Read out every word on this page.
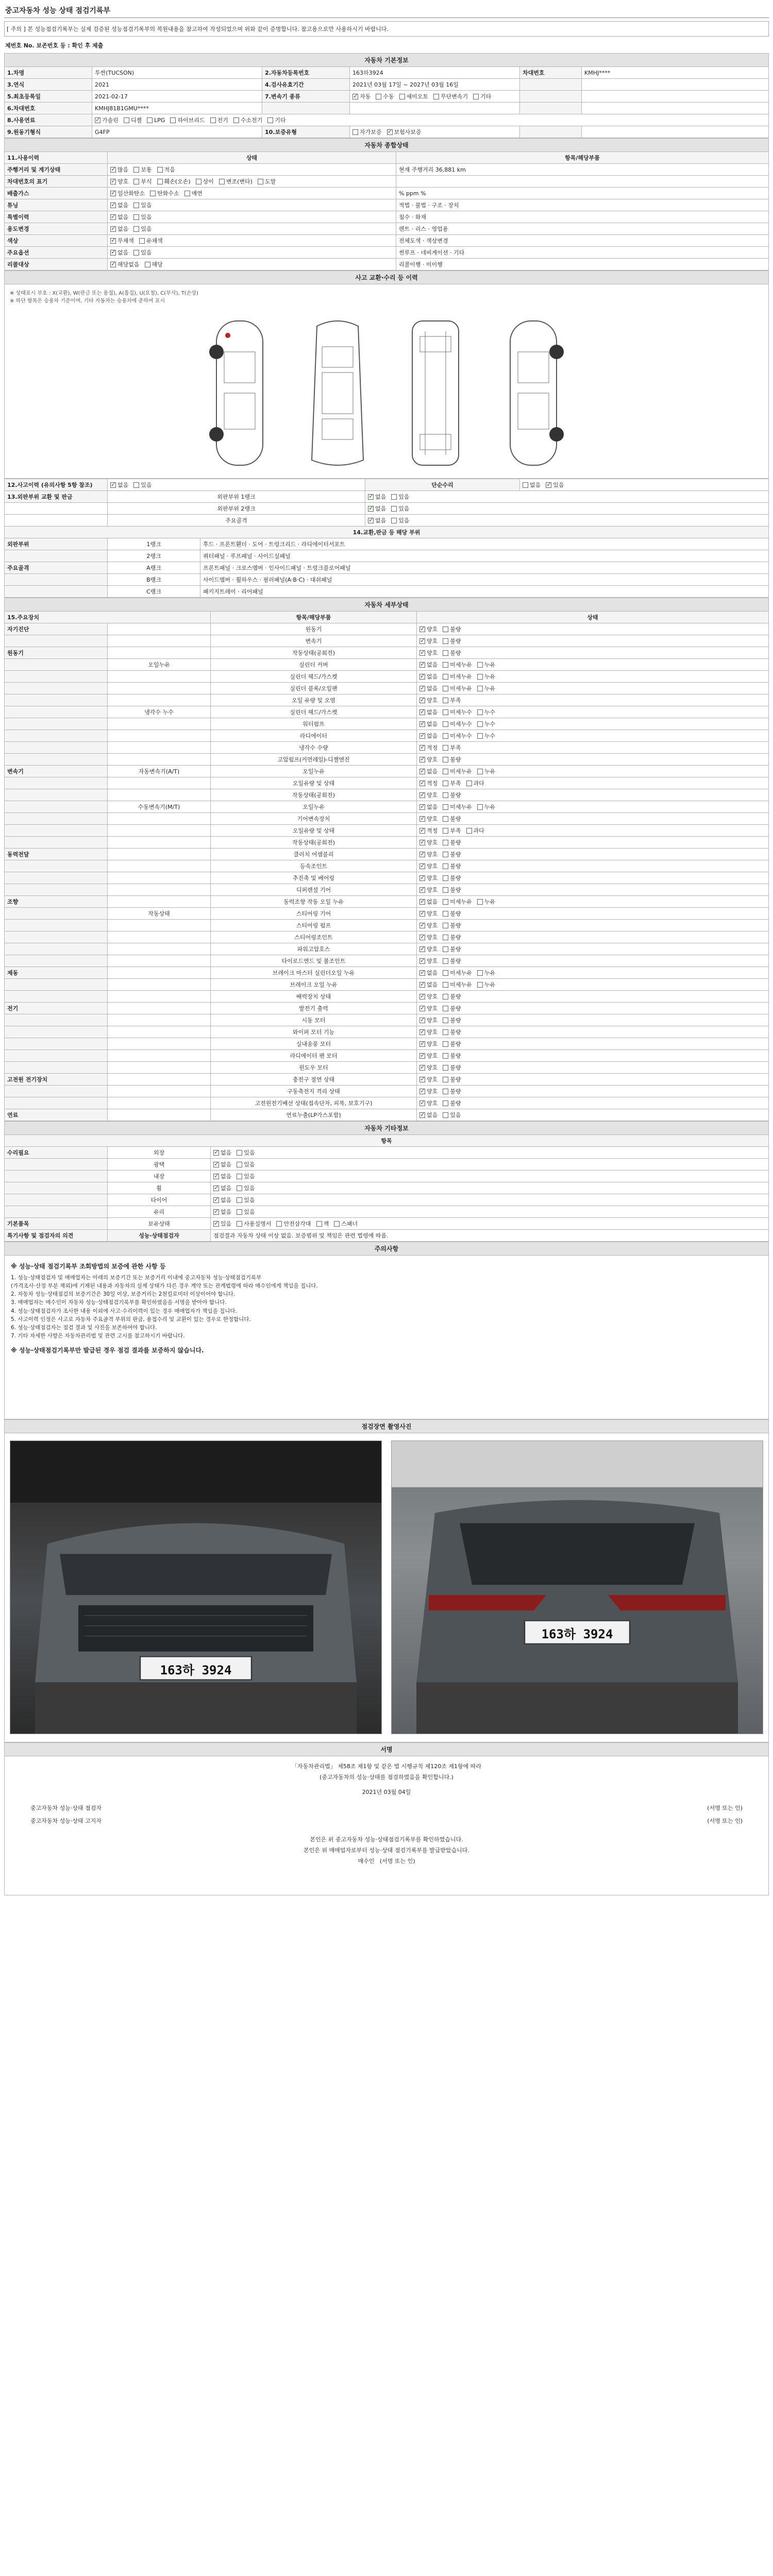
중고자동차 성능 상태 점검기록부
[ 주의 ] 본 성능점검기록부는 실제 검증된 성능점검기록부의 복원내용을 참고하여 작성되었으며 위와 같이 증명합니다. 참고용으로만 사용하시기 바랍니다.
제번호 No. 보존번호 등 : 확인 후 제출
자동차 기본정보					
1.차명	투싼(TUCSON)	2.자동차등록번호	163하3924	차대번호	KMHJ****
3.연식	2021	4.검사유효기간	2021년 03월 17일 ~ 2027년 03월 16일		
5.최초등록일	2021-02-17	7.변속기 종류	✓자동 수동 세미오토 무단변속기 기타		
6.차대번호	KMHJ81B1GMU****				
8.사용연료	✓가솔린 디젤 LPG 하이브리드 전기 수소전기 기타
9.원동기형식	G4FP	10.보증유형	자가보증 ✓ 보험사보증		
자동차 종합상태		
11.사용이력	상태	항목/해당부품
주행거리 및 계기상태	✓많음 보통 적음	현재 주행거리 36,881 km
차대번호의 표기	✓양호 부식 훼손(오손) 상이 변조(변타) 도말	
배출가스	✓일산화탄소 탄화수소 매연	% ppm %
튜닝	✓없음 있음	적법 · 불법 · 구조 · 장치
특별이력	✓없음 있음	침수 · 화재
용도변경	✓없음 있음	렌트 · 리스 · 영업용
색상	✓무채색 유채색	전체도색 · 색상변경
주요옵션	✓없음 있음	썬루프 · 네비게이션 · 기타
리콜대상	✓해당없음 해당	리콜이행 · 미이행
사고 교환·수리 등 이력
※ 상태표시 부호 : X(교환), W(판금 또는 용접), A(흠집), U(요철), C(부식), T(손상)
※ 하단 항목은 승용차 기준이며, 기타 자동차는 승용차에 준하여 표시
12.사고이력 (유의사항 5항 참조)	✓없음 있음		단순수리	없음 ✓ 있음
13.외판부위 교환 및 판금	외판부위 1랭크	✓없음 있음
	외판부위 2랭크	✓없음 있음
	주요골격	✓없음 있음
14.교환,판금 등 해당 부위				
외판부위	1랭크	후드 · 프론트휀더 · 도어 · 트렁크리드 · 라디에이터서포트		
	2랭크	쿼터패널 · 루프패널 · 사이드실패널		
주요골격	A랭크	프론트패널 · 크로스멤버 · 인사이드패널 · 트렁크플로어패널		
	B랭크	사이드멤버 · 휠하우스 · 필러패널(A·B·C) · 대쉬패널		
	C랭크	패키지트레이 · 리어패널		
자동차 세부상태			
15.주요장치		항목/해당부품	상태
자기진단		원동기	✓양호 불량
		변속기	✓양호 불량
원동기		작동상태(공회전)	✓양호 불량
	오일누유	실린더 커버	✓없음 미세누유 누유
		실린더 헤드/가스켓	✓없음 미세누유 누유
		실린더 블록/오일팬	✓없음 미세누유 누유
		오일 유량 및 오염	✓양호 부족
	냉각수 누수	실린더 헤드/가스켓	✓없음 미세누수 누수
		워터펌프	✓없음 미세누수 누수
		라디에이터	✓없음 미세누수 누수
		냉각수 수량	✓적정 부족
		고압펌프(커먼레일)-디젤엔진	✓양호 불량
변속기	자동변속기(A/T)	오일누유	✓없음 미세누유 누유
		오일유량 및 상태	✓적정 부족 과다
		작동상태(공회전)	✓양호 불량
	수동변속기(M/T)	오일누유	✓없음 미세누유 누유
		기어변속장치	✓양호 불량
		오일유량 및 상태	✓적정 부족 과다
		작동상태(공회전)	✓양호 불량
동력전달		클러치 어셈블리	✓양호 불량
		등속조인트	✓양호 불량
		추진축 및 베어링	✓양호 불량
		디퍼렌셜 기어	✓양호 불량
조향		동력조향 작동 오일 누유	✓없음 미세누유 누유
	작동상태	스티어링 기어	✓양호 불량
		스티어링 펌프	✓양호 불량
		스티어링조인트	✓양호 불량
		파워고압호스	✓양호 불량
		타이로드엔드 및 볼조인트	✓양호 불량
제동		브레이크 마스터 실린더오일 누유	✓없음 미세누유 누유
		브레이크 오일 누유	✓없음 미세누유 누유
		배력장치 상태	✓양호 불량
전기		발전기 출력	✓양호 불량
		시동 모터	✓양호 불량
		와이퍼 모터 기능	✓양호 불량
		실내송풍 모터	✓양호 불량
		라디에이터 팬 모터	✓양호 불량
		윈도우 모터	✓양호 불량
고전원 전기장치		충전구 절연 상태	✓양호 불량
		구동축전지 격리 상태	✓양호 불량
		고전원전기배선 상태(접속단자, 피복, 보호기구)	✓양호 불량
연료		연료누출(LP가스포함)	✓없음 있음
자동차 기타정보		
항목		
수리필요	외장	✓없음 있음
	광택	✓없음 있음
	내장	✓없음 있음
	휠	✓없음 있음
	타이어	✓없음 있음
	유리	✓없음 있음
기본품목	보유상태	✓있음 사용설명서 안전삼각대 잭 스패너
특기사항 및 점검자의 의견	성능·상태점검자	점검결과 자동차 상태 이상 없음. 보증범위 및 책임은 관련 법령에 따름.
주의사항
※ 성능·상태 점검기록부 조회방법의 보증에 관한 사항 등

1. 성능·상태점검자 및 매매업자는 아래의 보증기간 또는 보증거리 이내에 중고자동차 성능·상태점검기록부

(가격조사·산정 부분 제외)에 기재된 내용과 자동차의 실제 상태가 다른 경우 계약 또는 관계법령에 따라 매수인에게 책임을 집니다.

2. 자동차 성능·상태점검의 보증기간은 30일 이상, 보증거리는 2천킬로미터 이상이어야 합니다.

3. 매매업자는 매수인이 자동차 성능·상태점검기록부를 확인하였음을 서명을 받아야 합니다.

4. 성능·상태점검자가 조사한 내용 이외에 사고·수리이력이 있는 경우 매매업자가 책임을 집니다.

5. 사고이력 인정은 사고로 자동차 주요골격 부위의 판금, 용접수리 및 교환이 있는 경우로 한정합니다.

6. 성능·상태점검자는 점검 결과 및 사진을 보존하여야 합니다.

7. 기타 자세한 사항은 자동차관리법 및 관련 고시를 참고하시기 바랍니다.

※ 성능·상태점검기록부만 발급된 경우 점검 결과를 보증하지 않습니다.
점검장면 촬영사진
163하 3924
163하 3924
서명
「자동차관리법」 제58조 제1항 및 같은 법 시행규칙 제120조 제1항에 따라
(중고자동차의 성능·상태를 점검하였음을 확인합니다.)
2021년 03월 04일
중고자동차 성능·상태 점검자	(서명 또는 인)
중고자동차 성능·상태 고지자	(서명 또는 인)
본인은 위 중고자동차 성능·상태점검기록부를 확인하였습니다.
본인은 위 매매업자로부터 성능·상태 점검기록부를 발급받았습니다.
매수인 (서명 또는 인)
